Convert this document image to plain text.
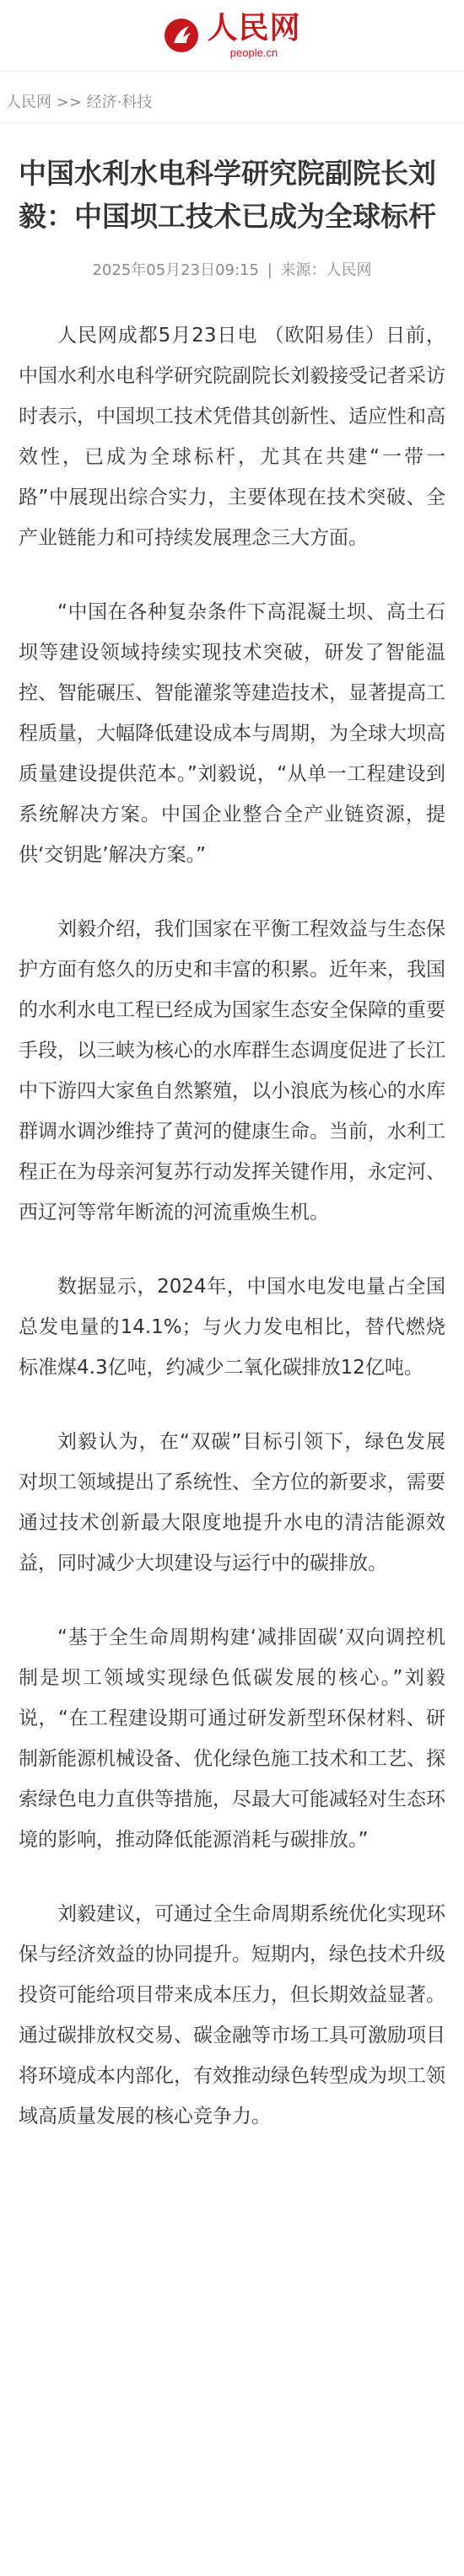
人民网
people.cn
人民网 >> 经济·科技
中国水利水电科学研究院副院长刘毅：中国坝工技术已成为全球标杆
2025年05月23日09:15 | 来源：人民网

人民网成都5月23日电 （欧阳易佳）日前，中国水利水电科学研究院副院长刘毅接受记者采访时表示，中国坝工技术凭借其创新性、适应性和高效性，已成为全球标杆，尤其在共建“一带一路”中展现出综合实力，主要体现在技术突破、全产业链能力和可持续发展理念三大方面。

“中国在各种复杂条件下高混凝土坝、高土石坝等建设领域持续实现技术突破，研发了智能温控、智能碾压、智能灌浆等建造技术，显著提高工程质量，大幅降低建设成本与周期，为全球大坝高质量建设提供范本。”刘毅说，“从单一工程建设到系统解决方案。中国企业整合全产业链资源，提供‘交钥匙’解决方案。”

刘毅介绍，我们国家在平衡工程效益与生态保护方面有悠久的历史和丰富的积累。近年来，我国的水利水电工程已经成为国家生态安全保障的重要手段，以三峡为核心的水库群生态调度促进了长江中下游四大家鱼自然繁殖，以小浪底为核心的水库群调水调沙维持了黄河的健康生命。当前，水利工程正在为母亲河复苏行动发挥关键作用，永定河、西辽河等常年断流的河流重焕生机。

数据显示，2024年，中国水电发电量占全国总发电量的14.1%；与火力发电相比，替代燃烧标准煤4.3亿吨，约减少二氧化碳排放12亿吨。

刘毅认为，在“双碳”目标引领下，绿色发展对坝工领域提出了系统性、全方位的新要求，需要通过技术创新最大限度地提升水电的清洁能源效益，同时减少大坝建设与运行中的碳排放。

“基于全生命周期构建‘减排固碳’双向调控机制是坝工领域实现绿色低碳发展的核心。”刘毅说，“在工程建设期可通过研发新型环保材料、研制新能源机械设备、优化绿色施工技术和工艺、探索绿色电力直供等措施，尽最大可能减轻对生态环境的影响，推动降低能源消耗与碳排放。”

刘毅建议，可通过全生命周期系统优化实现环保与经济效益的协同提升。短期内，绿色技术升级投资可能给项目带来成本压力，但长期效益显著。通过碳排放权交易、碳金融等市场工具可激励项目将环境成本内部化，有效推动绿色转型成为坝工领域高质量发展的核心竞争力。
